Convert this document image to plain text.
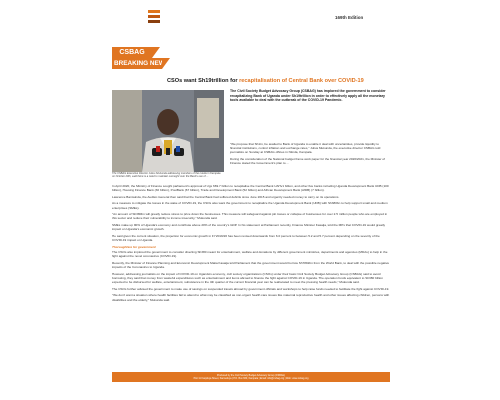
169th Edition
CSBAG
BREAKING NEWS
CSOs want Sh19trillion for recapitalisation of Central Bank over COVID-19
The CSBAG Executive Director Julius Mukunda addressing members of the media in Kampala on October 20th, said there is a need to maintain oversight over the Bank's use of ...
The Civil Society Budget Advocacy Group (CSBAG) has implored the government to consider recapitalizing Bank of Uganda under Sh19trillion in order to effectively apply all the monetary tools available to deal with the outbreak of the COVID-19 Pandemic.

"We propose that Sh1tn, be availed to Bank of Uganda to enable it deal with uncertainties, provide liquidity to financial institutions, control inflation and exchange rates," Julius Mukunda, the executive director CSBAG told journalists on Sunday at CSBAG offices in Ntinda, Kampala.

During the consideration of the National budget frame work paper for the financial year 2020/2021, the Minister of Finance stated the Government's plan to ...

In April 2020, the Ministry of Finance sought parliament's approval of Ugx 669.7 billion to recapitalise the Central Bank UAHv1 billion, and other five banks including Uganda Development Bank UDB (100 billion), Housing Finance Bank (30 billion), PostBank (67 billion), Trade and Development Bank (52 billion) and African Development Bank (AfDB) (7 billion).

Lawrence Bamwinda, the Auditor-General then said that the Central Bank had suffered deficits since June 2015 and urgently needed money to carry on its operations.

As a measure to mitigate the losses in the wake of COVID-19, the CSOs also want the government to recapitalize the Uganda Development Bank (UDB) with Sh380bn to help support small and medium enterprises (SMEs).

"An amount of Sh380bn will greatly reduce stress to price down the businesses. This measure will safeguard against job losses or collapse of businesses for over 2.5 million people who are employed in this sector and reduce their vulnerability to income insecurity," Mukunda said.

SMEs make up 90% of Uganda's economy and contribute above 20% of the country's GDP. In his statement at Parliament recently, Finance Minister Kasaija, told the MPs that COVID-19 would greatly impact on Uganda's economic growth.

He said given the current situation, the projection for economic growth in FY2019/20 has been revised downwards from 6.0 percent to between 5.2 and 5.7 percent depending on the severity of the COVID-19 impact on Uganda.

Thoroughfare for government

The CSOs also implored the government to consider diverting Sh380 meant for entertainment, welfare and donations by different government ministries, departments and agencies (MDAs) to help in the fight against the novel coronavirus (COVID-19).

Recently, the Minister of Finance Planning and Economic Development Matia Kasaija told Parliament that the government would borrow Sh7892bn from the World Bank, to deal with the possible negative impacts of the Coronavirus to Uganda.

However, addressing journalists on the impact of COVID-19 on Uganda's economy, civil society organizations (CSOs) under their basic Civil Society Budget Advocacy Group (CSBAG) said to avoid borrowing, they said that money from wasteful expenditures such as entertainment and items abroad to finance the fight against COVID-19 in Uganda. The operation funds equivalent to Sh380 billion expected to be disbursed for welfare, entertainment, subsistence in the 4th quarter of the current financial year can be reallocated to meet the pressing health needs," Mukunda said.

The CSOs further advised the government to make use of savings on suspended travels abroad by government officials and workshops to help raise funds needed to facilitate the fight against COVID-19.

"We don't want a situation where health facilities fail to attend to what may be classified as non-urgent health care issues like maternal reproductive health and other issues affecting children, persons with disabilities and the elderly," Mukunda said.

Produced by the Civil Society Budget Advocacy Group (CSBAG)
Plot 11 Kanjokya Street, Kamwokya | P.O. Box 660, Kampala | Email: info@csbag.org | Web: www.csbag.org
